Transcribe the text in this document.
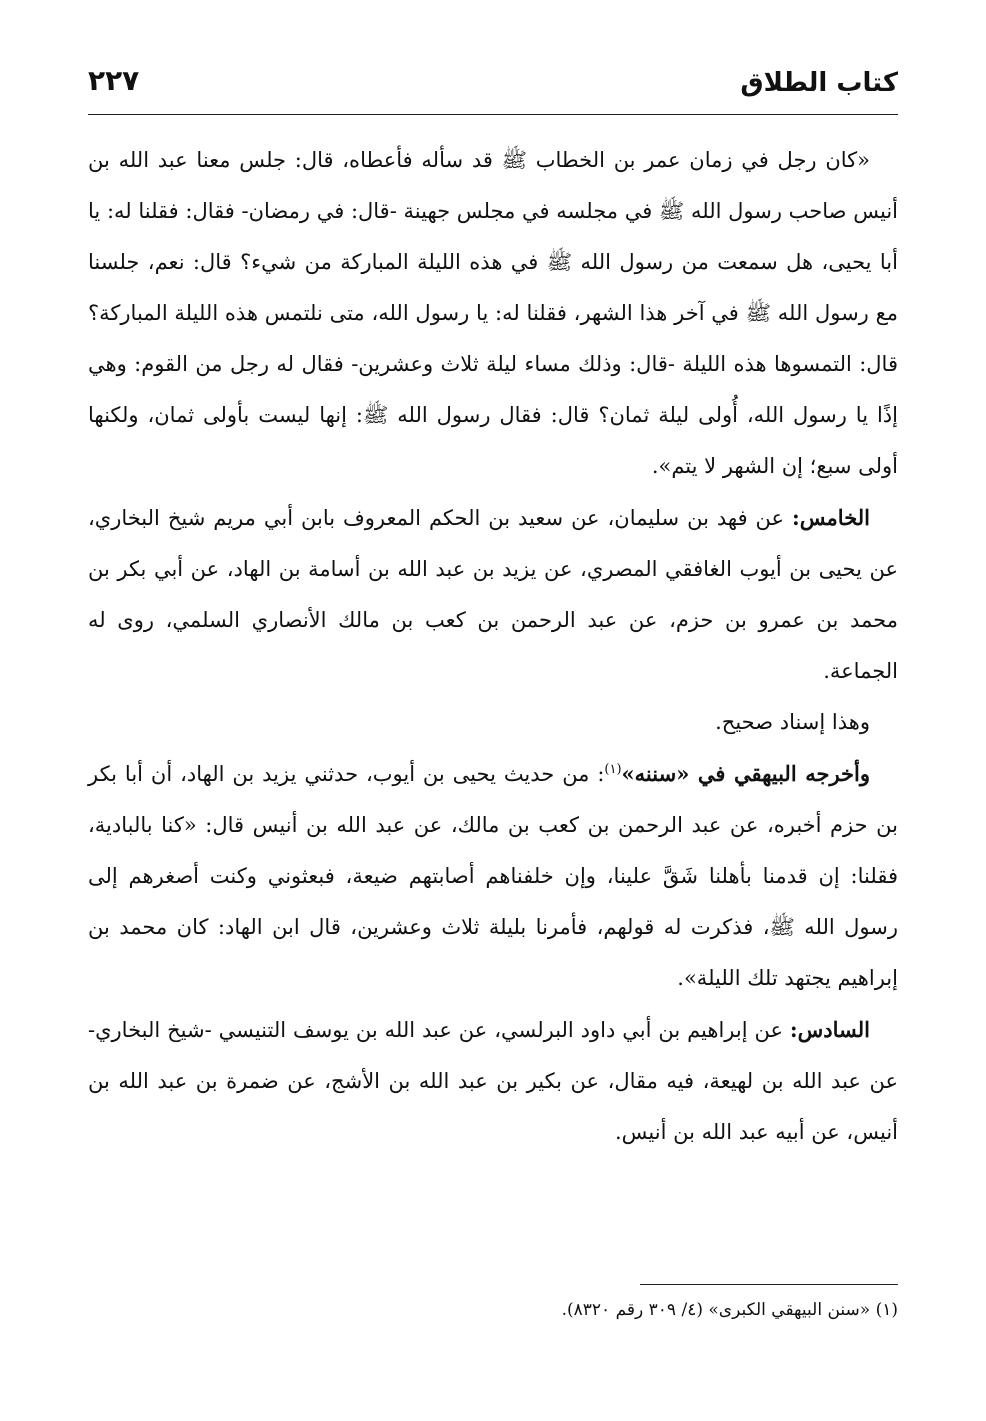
كتاب الطلاق
٢٢٧

«كان رجل في زمان عمر بن الخطاب ﷺ قد سأله فأعطاه، قال: جلس معنا عبد الله بن أنيس صاحب رسول الله ﷺ في مجلسه في مجلس جهينة -قال: في رمضان- فقال: فقلنا له: يا أبا يحيى، هل سمعت من رسول الله ﷺ في هذه الليلة المباركة من شيء؟ قال: نعم، جلسنا مع رسول الله ﷺ في آخر هذا الشهر، فقلنا له: يا رسول الله، متى نلتمس هذه الليلة المباركة؟ قال: التمسوها هذه الليلة -قال: وذلك مساء ليلة ثلاث وعشرين- فقال له رجل من القوم: وهي إذًا يا رسول الله، أُولى ليلة ثمان؟ قال: فقال رسول الله ﷺ: إنها ليست بأولى ثمان، ولكنها أولى سبع؛ إن الشهر لا يتم».

الخامس: عن فهد بن سليمان، عن سعيد بن الحكم المعروف بابن أبي مريم شيخ البخاري، عن يحيى بن أيوب الغافقي المصري، عن يزيد بن عبد الله بن أسامة بن الهاد، عن أبي بكر بن محمد بن عمرو بن حزم، عن عبد الرحمن بن كعب بن مالك الأنصاري السلمي، روى له الجماعة.

وهذا إسناد صحيح.

وأخرجه البيهقي في «سننه»$^{(١)}$: من حديث يحيى بن أيوب، حدثني يزيد بن الهاد، أن أبا بكر بن حزم أخبره، عن عبد الرحمن بن كعب بن مالك، عن عبد الله بن أنيس قال: «كنا بالبادية، فقلنا: إن قدمنا بأهلنا شَقَّ علينا، وإن خلفناهم أصابتهم ضيعة، فبعثوني وكنت أصغرهم إلى رسول الله ﷺ، فذكرت له قولهم، فأمرنا بليلة ثلاث وعشرين، قال ابن الهاد: كان محمد بن إبراهيم يجتهد تلك الليلة».

السادس: عن إبراهيم بن أبي داود البرلسي، عن عبد الله بن يوسف التنيسي -شيخ البخاري- عن عبد الله بن لهيعة، فيه مقال، عن بكير بن عبد الله بن الأشج، عن ضمرة بن عبد الله بن أنيس، عن أبيه عبد الله بن أنيس.

(١) «سنن البيهقي الكبرى» (٤/ ٣٠٩ رقم ٨٣٢٠).
